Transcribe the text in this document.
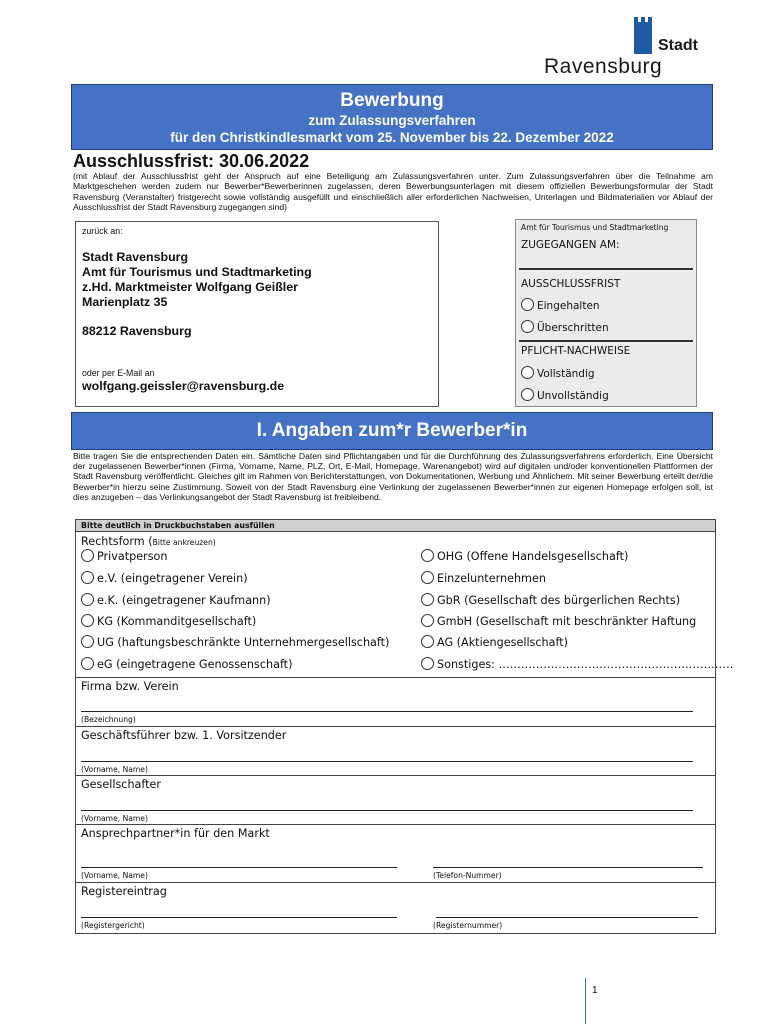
Stadt
Ravensburg
Bewerbung
zum Zulassungsverfahren
für den Christkindlesmarkt vom 25. November bis 22. Dezember 2022
Ausschlussfrist: 30.06.2022
(mit Ablauf der Ausschlussfrist geht der Anspruch auf eine Beteiligung am Zulassungsverfahren unter. Zum Zulassungsverfahren über die Teilnahme am Marktgeschehen werden zudem nur Bewerber*Bewerberinnen zugelassen, deren Bewerbungsunterlagen mit diesem offiziellen Bewerbungsformular der Stadt Ravensburg (Veranstalter) fristgerecht sowie vollständig ausgefüllt und einschließlich aller erforderlichen Nachweisen, Unterlagen und Bildmaterialien vor Ablauf der Ausschlussfrist der Stadt Ravensburg zugegangen sind)
zurück an:
Stadt Ravensburg
Amt für Tourismus und Stadtmarketing
z.Hd. Marktmeister Wolfgang Geißler
Marienplatz 35
88212 Ravensburg
oder per E-Mail an
wolfgang.geissler@ravensburg.de
Amt für Tourismus und Stadtmarketing
ZUGEGANGEN AM:
AUSSCHLUSSFRIST
Eingehalten
Überschritten
PFLICHT-NACHWEISE
Vollständig
Unvollständig
I. Angaben zum*r Bewerber*in
Bitte tragen Sie die entsprechenden Daten ein. Sämtliche Daten sind Pflichtangaben und für die Durchführung des Zulassungsverfahrens erforderlich. Eine Übersicht der zugelassenen Bewerber*innen (Firma, Vorname, Name, PLZ, Ort, E-Mail, Homepage, Warenangebot) wird auf digitalen und/oder konventionellen Plattformen der Stadt Ravensburg veröffentlicht. Gleiches gilt im Rahmen von Berichterstattungen, von Dokumentationen, Werbung und Ähnlichem. Mit seiner Bewerbung erteilt der/die Bewerber*in hierzu seine Zustimmung. Soweit von der Stadt Ravensburg eine Verlinkung der zugelassenen Bewerber*innen zur eigenen Homepage erfolgen soll, ist dies anzugeben – das Verlinkungsangebot der Stadt Ravensburg ist freibleibend.
Bitte deutlich in Druckbuchstaben ausfüllen
Rechtsform (Bitte ankreuzen)
Privatperson
e.V. (eingetragener Verein)
e.K. (eingetragener Kaufmann)
KG (Kommanditgesellschaft)
UG (haftungsbeschränkte Unternehmergesellschaft)
eG (eingetragene Genossenschaft)
OHG (Offene Handelsgesellschaft)
Einzelunternehmen
GbR (Gesellschaft des bürgerlichen Rechts)
GmbH (Gesellschaft mit beschränkter Haftung
AG (Aktiengesellschaft)
Sonstiges: ………………………………………………………
Firma bzw. Verein
(Bezeichnung)
Geschäftsführer bzw. 1. Vorsitzender
(Vorname, Name)
Gesellschafter
(Vorname, Name)
Ansprechpartner*in für den Markt
(Vorname, Name)	(Telefon-Nummer)
Registereintrag
(Registergericht)	(Registernummer)
1
